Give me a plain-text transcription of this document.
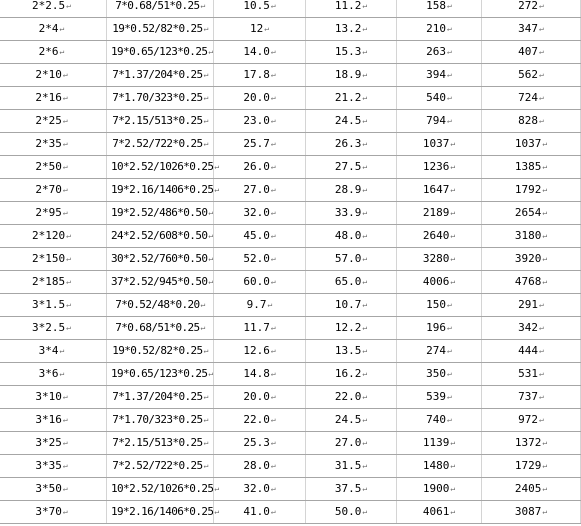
2*2.5↵	7*0.68/51*0.25↵	10.5↵	11.2↵	158↵	272↵
2*4↵	19*0.52/82*0.25↵	12↵	13.2↵	210↵	347↵
2*6↵	19*0.65/123*0.25↵	14.0↵	15.3↵	263↵	407↵
2*10↵	7*1.37/204*0.25↵	17.8↵	18.9↵	394↵	562↵
2*16↵	7*1.70/323*0.25↵	20.0↵	21.2↵	540↵	724↵
2*25↵	7*2.15/513*0.25↵	23.0↵	24.5↵	794↵	828↵
2*35↵	7*2.52/722*0.25↵	25.7↵	26.3↵	1037↵	1037↵
2*50↵	10*2.52/1026*0.25↵	26.0↵	27.5↵	1236↵	1385↵
2*70↵	19*2.16/1406*0.25↵	27.0↵	28.9↵	1647↵	1792↵
2*95↵	19*2.52/486*0.50↵	32.0↵	33.9↵	2189↵	2654↵
2*120↵	24*2.52/608*0.50↵	45.0↵	48.0↵	2640↵	3180↵
2*150↵	30*2.52/760*0.50↵	52.0↵	57.0↵	3280↵	3920↵
2*185↵	37*2.52/945*0.50↵	60.0↵	65.0↵	4006↵	4768↵
3*1.5↵	7*0.52/48*0.20↵	9.7↵	10.7↵	150↵	291↵
3*2.5↵	7*0.68/51*0.25↵	11.7↵	12.2↵	196↵	342↵
3*4↵	19*0.52/82*0.25↵	12.6↵	13.5↵	274↵	444↵
3*6↵	19*0.65/123*0.25↵	14.8↵	16.2↵	350↵	531↵
3*10↵	7*1.37/204*0.25↵	20.0↵	22.0↵	539↵	737↵
3*16↵	7*1.70/323*0.25↵	22.0↵	24.5↵	740↵	972↵
3*25↵	7*2.15/513*0.25↵	25.3↵	27.0↵	1139↵	1372↵
3*35↵	7*2.52/722*0.25↵	28.0↵	31.5↵	1480↵	1729↵
3*50↵	10*2.52/1026*0.25↵	32.0↵	37.5↵	1900↵	2405↵
3*70↵	19*2.16/1406*0.25↵	41.0↵	50.0↵	4061↵	3087↵
